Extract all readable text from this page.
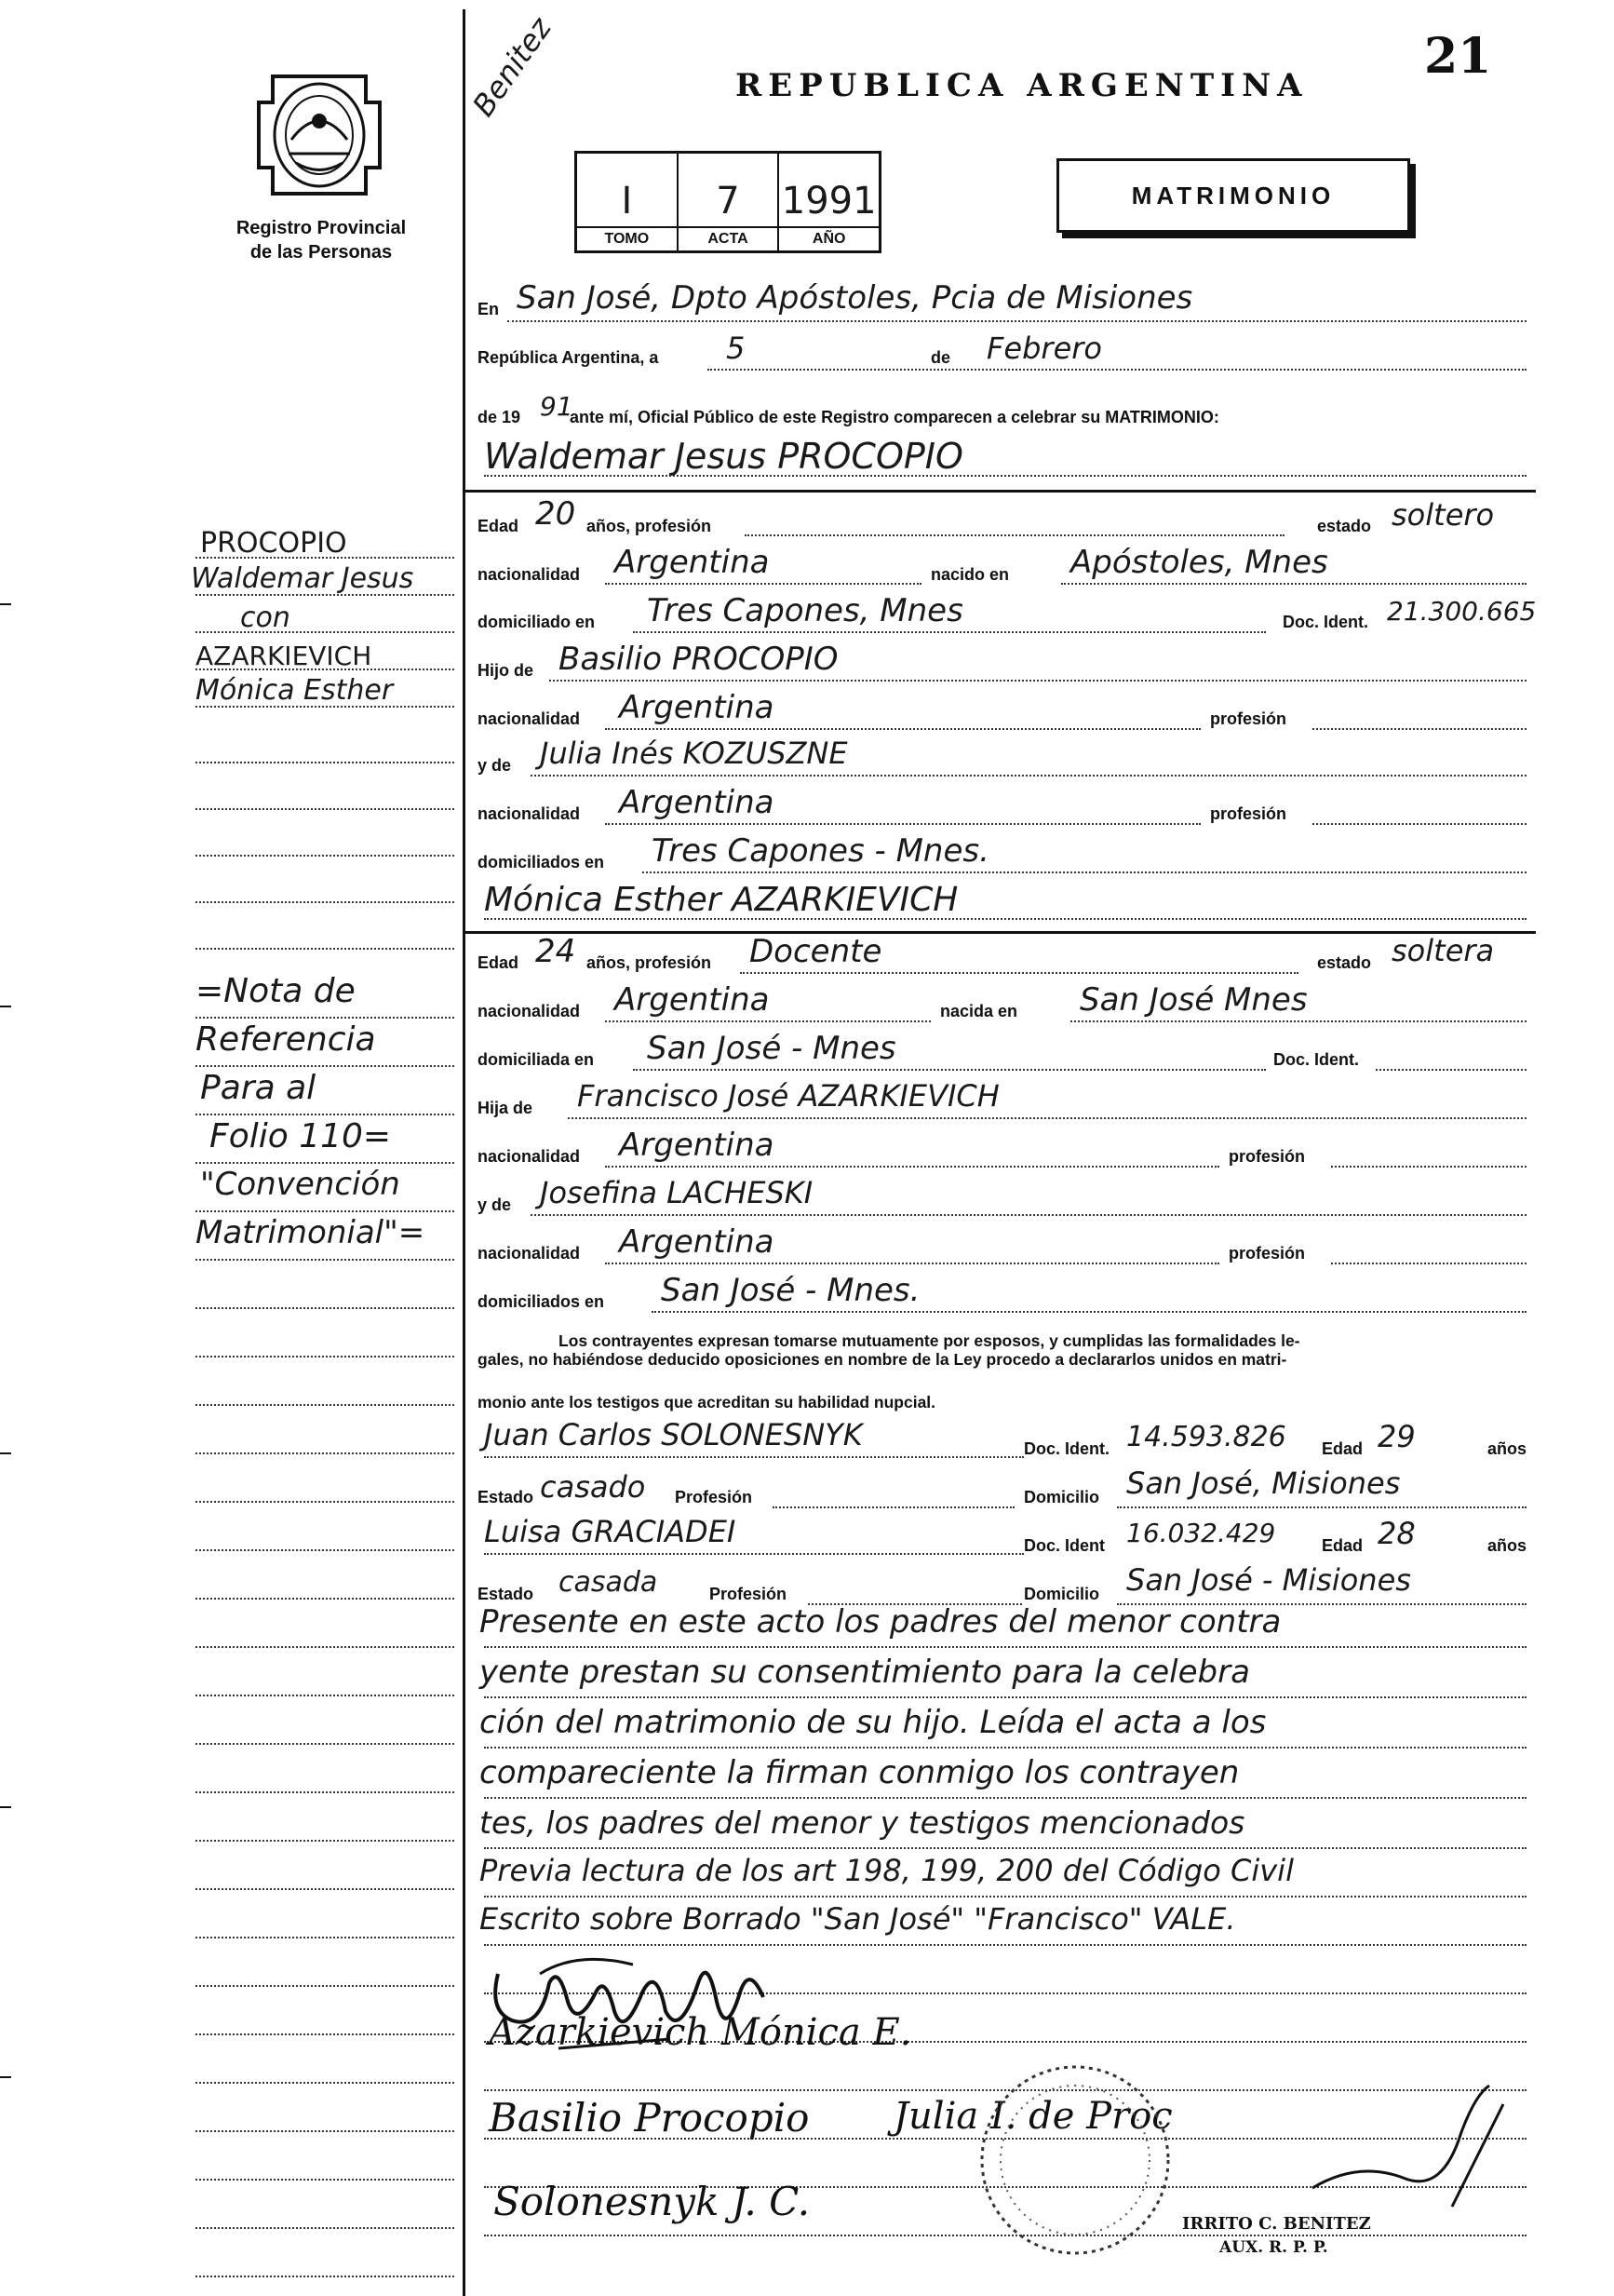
21
Registro Provincial
de las Personas
Benitez	REPUBLICA ARGENTINA
I
TOMO
7
ACTA
1991
AÑO
MATRIMONIO
En San José, Dpto Apóstoles, Pcia de Misiones
República Argentina, a 5	de Febrero
de 19 91
ante mí, Oficial Público de este Registro comparecen a celebrar su MATRIMONIO:
Waldemar Jesus PROCOPIO
Edad 20 años, profesión	estado soltero
nacionalidad Argentina	nacido en Apóstoles, Mnes
domiciliado en Tres Capones, Mnes	Doc. Ident. 21.300.665
Hijo de Basilio PROCOPIO
nacionalidad Argentina	profesión
y de Julia Inés KOZUSZNE
nacionalidad Argentina	profesión
domiciliados en Tres Capones - Mnes.
Mónica Esther AZARKIEVICH
Edad 24 años, profesión Docente	estado soltera
nacionalidad Argentina	nacida en San José Mnes
domiciliada en San José - Mnes	Doc. Ident.
Hija de Francisco José AZARKIEVICH
nacionalidad Argentina	profesión
y de Josefina LACHESKI
nacionalidad Argentina	profesión
domiciliados en San José - Mnes.
Los contrayentes expresan tomarse mutuamente por esposos, y cumplidas las formalidades le-
gales, no habiéndose deducido oposiciones en nombre de la Ley procedo a declararlos unidos en matri-
monio ante los testigos que acreditan su habilidad nupcial.
Juan Carlos SOLONESNYK	Doc. Ident. 14.593.826 Edad 29	años
Estado casado Profesión	Domicilio San José, Misiones
Luisa GRACIADEI	Doc. Ident 16.032.429	Edad 28	años
Estado casada	Profesión	Domicilio San José - Misiones
Presente en este acto los padres del menor contra
yente prestan su consentimiento para la celebra
ción del matrimonio de su hijo. Leída el acta a los
compareciente la firman conmigo los contrayen
tes, los padres del menor y testigos mencionados
Previa lectura de los art 198, 199, 200 del Código Civil
Escrito sobre Borrado "San José" "Francisco" VALE.
Azarkievich Mónica E.
Basilio Procopio Julia I. de Proc
Solonesnyk J. C.	IRRITO C. BENITEZ
AUX. R. P. P.
PROCOPIO
Waldemar Jesus
con
AZARKIEVICH
Mónica Esther
=Nota de
Referencia
Para al
Folio 110=
"Convención
Matrimonial"=
